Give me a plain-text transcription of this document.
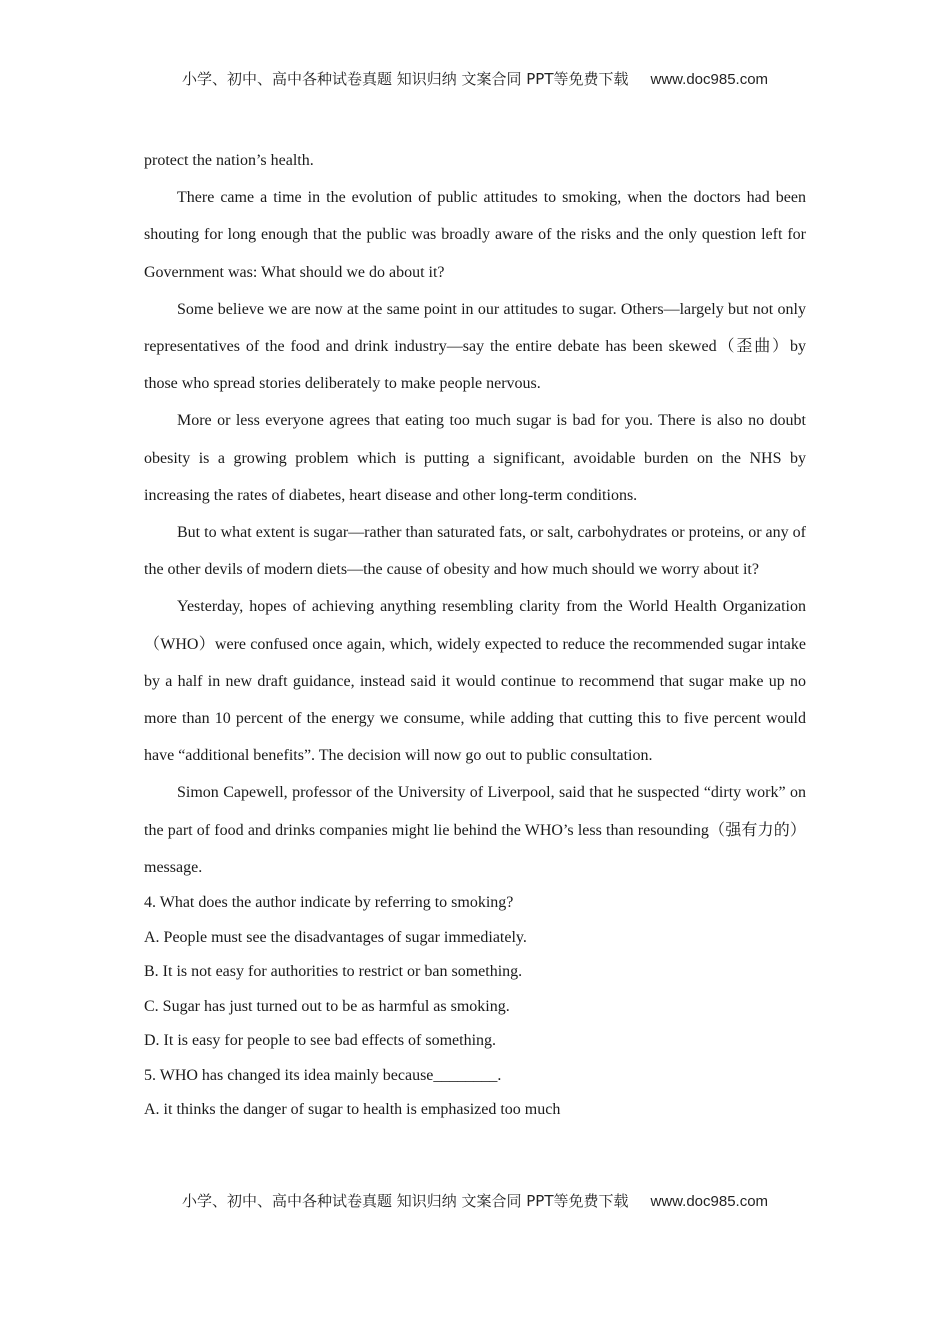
小学、初中、高中各种试卷真题 知识归纳 文案合同 PPT等免费下载 www.doc985.com

protect the nation’s health.

There came a time in the evolution of public attitudes to smoking, when the doctors had been shouting for long enough that the public was broadly aware of the risks and the only question left for Government was: What should we do about it?

Some believe we are now at the same point in our attitudes to sugar. Others—largely but not only representatives of the food and drink industry—say the entire debate has been skewed（歪曲）by those who spread stories deliberately to make people nervous.

More or less everyone agrees that eating too much sugar is bad for you. There is also no doubt obesity is a growing problem which is putting a significant, avoidable burden on the NHS by increasing the rates of diabetes, heart disease and other long-term conditions.

But to what extent is sugar—rather than saturated fats, or salt, carbohydrates or proteins, or any of the other devils of modern diets—the cause of obesity and how much should we worry about it?

Yesterday, hopes of achieving anything resembling clarity from the World Health Organization（WHO）were confused once again, which, widely expected to reduce the recommended sugar intake by a half in new draft guidance, instead said it would continue to recommend that sugar make up no more than 10 percent of the energy we consume, while adding that cutting this to five percent would have “additional benefits”. The decision will now go out to public consultation.

Simon Capewell, professor of the University of Liverpool, said that he suspected “dirty work” on the part of food and drinks companies might lie behind the WHO’s less than resounding（强有力的）message.

4. What does the author indicate by referring to smoking?

A. People must see the disadvantages of sugar immediately.

B. It is not easy for authorities to restrict or ban something.

C. Sugar has just turned out to be as harmful as smoking.

D. It is easy for people to see bad effects of something.

5. WHO has changed its idea mainly because________.

A. it thinks the danger of sugar to health is emphasized too much

小学、初中、高中各种试卷真题 知识归纳 文案合同 PPT等免费下载 www.doc985.com
